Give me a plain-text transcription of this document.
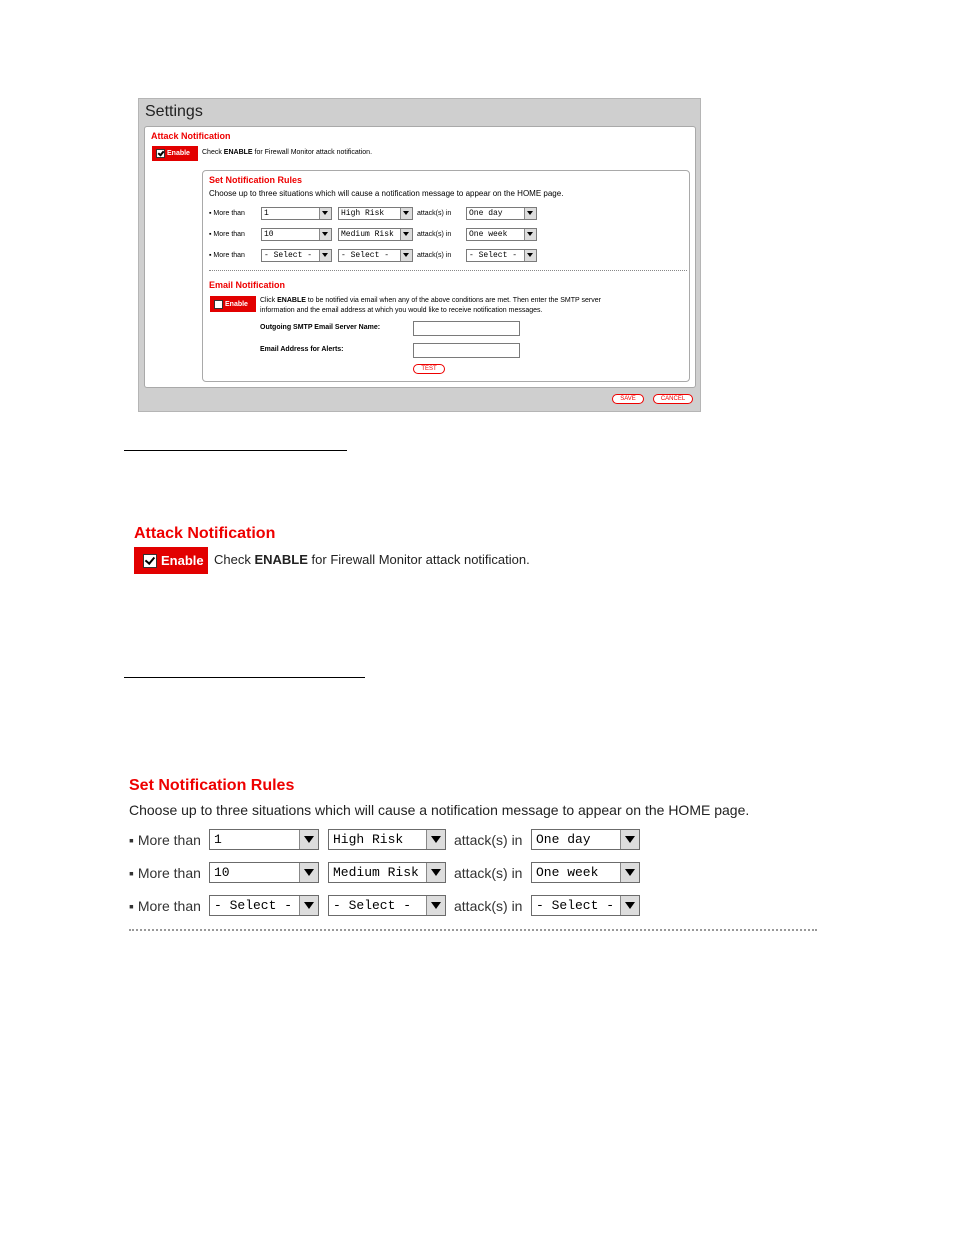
Settings
Attack Notification
Enable Check ENABLE for Firewall Monitor attack notification.
Set Notification Rules
Choose up to three situations which will cause a notification message to appear on the HOME page.
▪ More than	1	High Risk	attack(s) in	One day
▪ More than	10	Medium Risk	attack(s) in	One week
▪ More than	- Select -	- Select -	attack(s) in	- Select -
Email Notification
Enable Click ENABLE to be notified via email when any of the above conditions are met. Then enter the SMTP server
information and the email address at which you would like to receive notification messages.
Outgoing SMTP Email Server Name:
Email Address for Alerts:
TEST
SAVE	CANCEL
Attack Notification
Enable Check ENABLE for Firewall Monitor attack notification.
Set Notification Rules
Choose up to three situations which will cause a notification message to appear on the HOME page.
▪ More than	1	High Risk	attack(s) in	One day
▪ More than	10	Medium Risk	attack(s) in	One week
▪ More than	- Select -	- Select -	attack(s) in	- Select -
